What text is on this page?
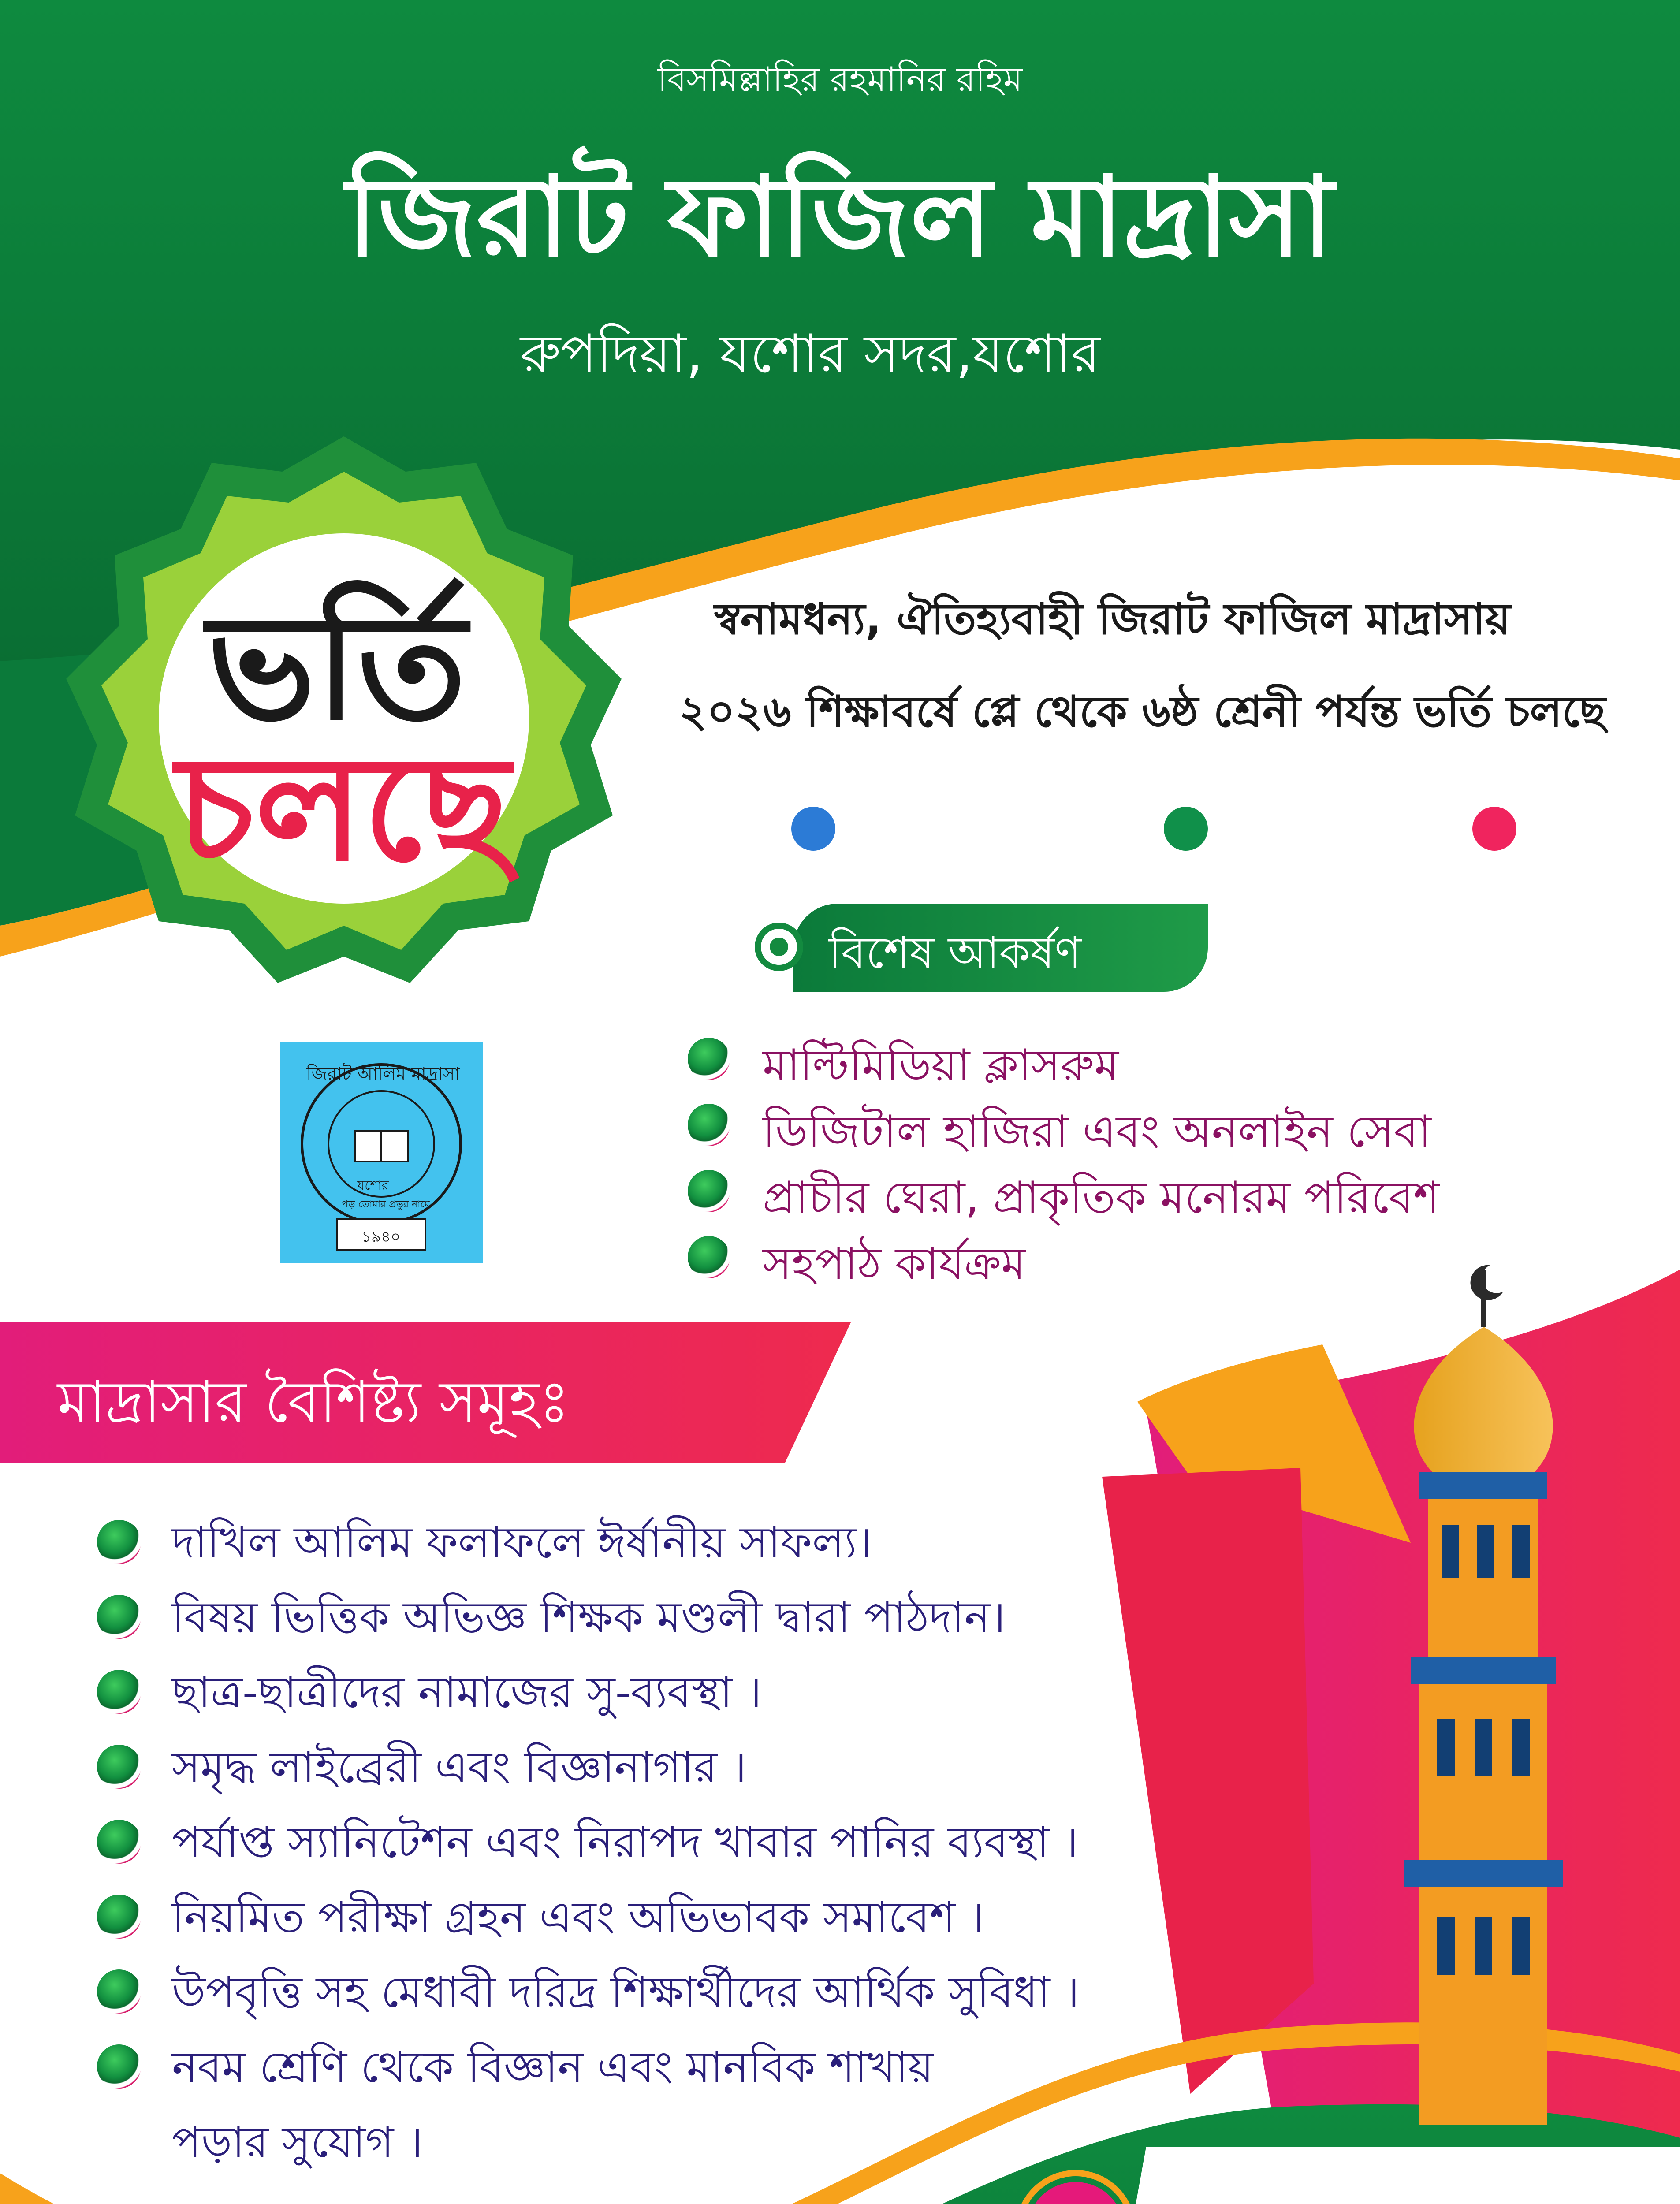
বিসমিল্লাহির রহমানির রহিম
জিরাট ফাজিল মাদ্রাসা
রুপদিয়া, যশোর সদর,যশোর
ভর্তি
চলছে
স্বনামধন্য, ঐতিহ্যবাহী জিরাট ফাজিল মাদ্রাসায়
২০২৬ শিক্ষাবর্ষে প্লে থেকে ৬ষ্ঠ শ্রেনী পর্যন্ত ভর্তি চলছে
বিশেষ আকর্ষণ
মাল্টিমিডিয়া ক্লাসরুম
ডিজিটাল হাজিরা এবং অনলাইন সেবা
প্রাচীর ঘেরা, প্রাকৃতিক মনোরম পরিবেশ
সহপাঠ কার্যক্রম
জিরাট আলিম মাদ্রাসা
পড় তোমার প্রভুর নামে
যশোর
১৯৪০
মাদ্রাসার বৈশিষ্ট্য সমূহঃ
দাখিল আলিম ফলাফলে ঈর্ষানীয় সাফল্য।
বিষয় ভিত্তিক অভিজ্ঞ শিক্ষক মণ্ডলী দ্বারা পাঠদান।
ছাত্র-ছাত্রীদের নামাজের সু-ব্যবস্থা ।
সমৃদ্ধ লাইব্রেরী এবং বিজ্ঞানাগার ।
পর্যাপ্ত স্যানিটেশন এবং নিরাপদ খাবার পানির ব্যবস্থা ।
নিয়মিত পরীক্ষা গ্রহন এবং অভিভাবক সমাবেশ ।
উপবৃত্তি সহ মেধাবী দরিদ্র শিক্ষার্থীদের আর্থিক সুবিধা ।
নবম শ্রেণি থেকে বিজ্ঞান এবং মানবিক শাখায়
পড়ার সুযোগ ।
